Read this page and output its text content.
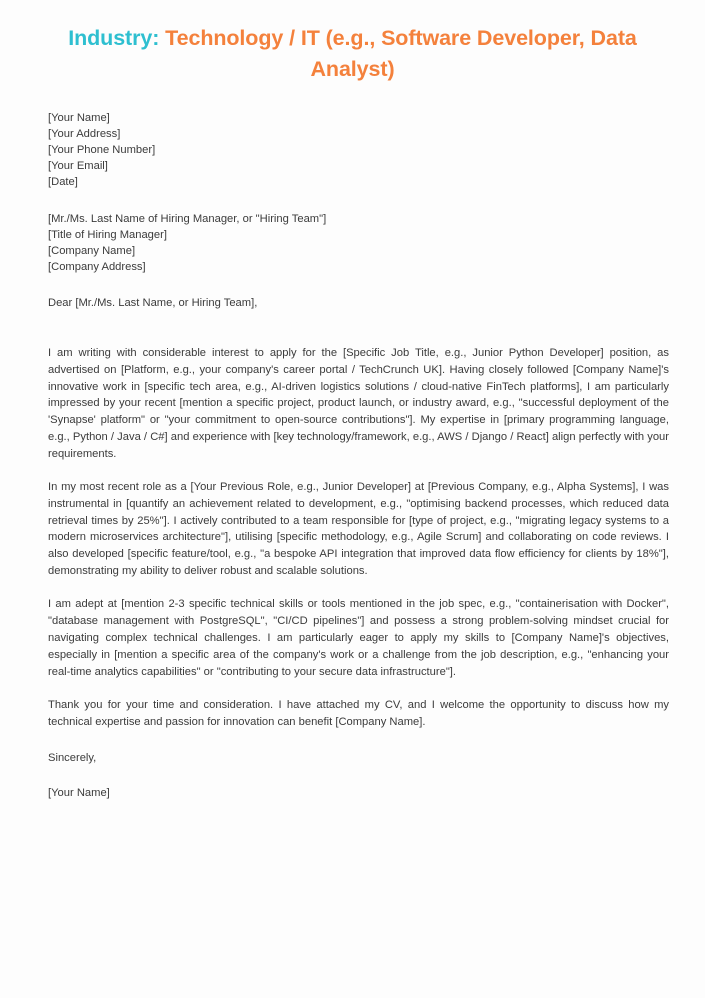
Industry: Technology / IT (e.g., Software Developer, Data Analyst)
[Your Name]
[Your Address]
[Your Phone Number]
[Your Email]
[Date]
[Mr./Ms. Last Name of Hiring Manager, or "Hiring Team"]
[Title of Hiring Manager]
[Company Name]
[Company Address]
Dear [Mr./Ms. Last Name, or Hiring Team],

I am writing with considerable interest to apply for the [Specific Job Title, e.g., Junior Python Developer] position, as advertised on [Platform, e.g., your company's career portal / TechCrunch UK]. Having closely followed [Company Name]'s innovative work in [specific tech area, e.g., AI-driven logistics solutions / cloud-native FinTech platforms], I am particularly impressed by your recent [mention a specific project, product launch, or industry award, e.g., "successful deployment of the 'Synapse' platform" or "your commitment to open-source contributions"]. My expertise in [primary programming language, e.g., Python / Java / C#] and experience with [key technology/framework, e.g., AWS / Django / React] align perfectly with your requirements.

In my most recent role as a [Your Previous Role, e.g., Junior Developer] at [Previous Company, e.g., Alpha Systems], I was instrumental in [quantify an achievement related to development, e.g., "optimising backend processes, which reduced data retrieval times by 25%"]. I actively contributed to a team responsible for [type of project, e.g., "migrating legacy systems to a modern microservices architecture"], utilising [specific methodology, e.g., Agile Scrum] and collaborating on code reviews. I also developed [specific feature/tool, e.g., "a bespoke API integration that improved data flow efficiency for clients by 18%"], demonstrating my ability to deliver robust and scalable solutions.

I am adept at [mention 2-3 specific technical skills or tools mentioned in the job spec, e.g., "containerisation with Docker", "database management with PostgreSQL", "CI/CD pipelines"] and possess a strong problem-solving mindset crucial for navigating complex technical challenges. I am particularly eager to apply my skills to [Company Name]'s objectives, especially in [mention a specific area of the company's work or a challenge from the job description, e.g., "enhancing your real-time analytics capabilities" or "contributing to your secure data infrastructure"].

Thank you for your time and consideration. I have attached my CV, and I welcome the opportunity to discuss how my technical expertise and passion for innovation can benefit [Company Name].

Sincerely,
[Your Name]
